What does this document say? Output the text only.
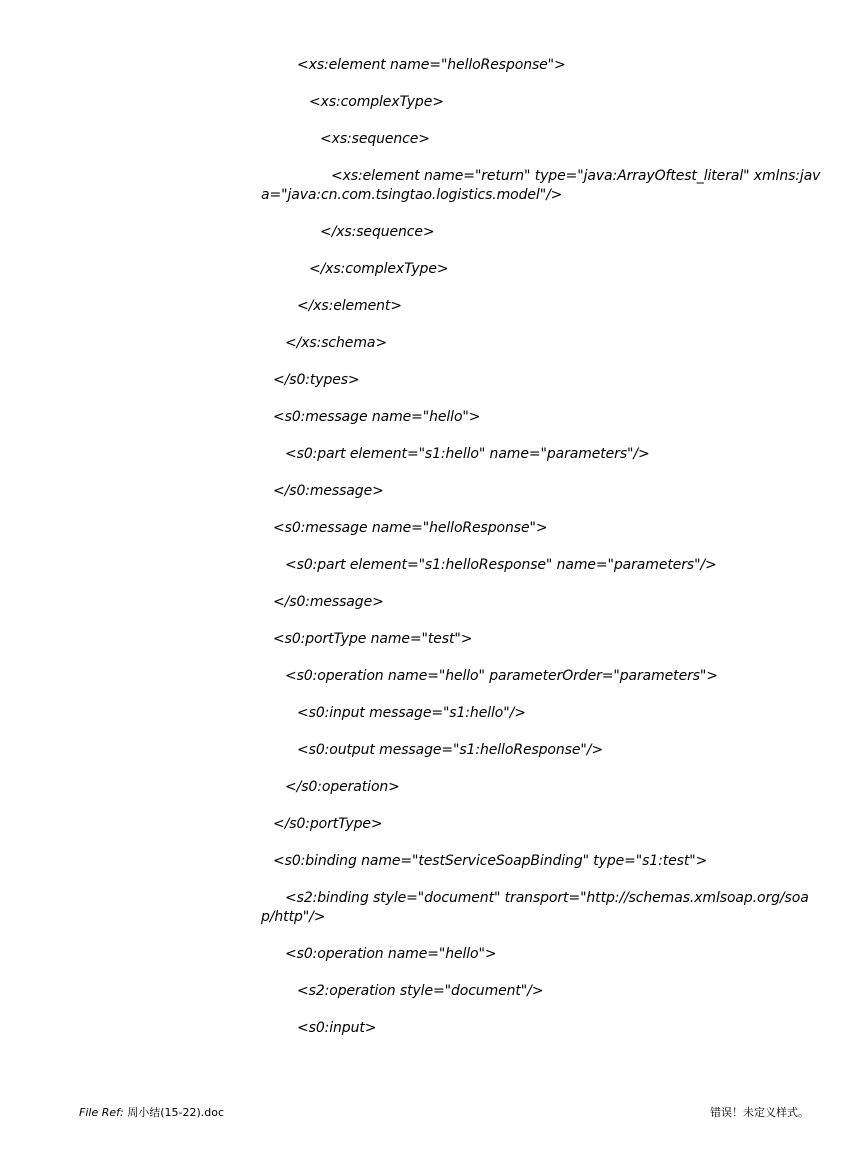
<xs:element name="helloResponse">

<xs:complexType>

<xs:sequence>

<xs:element name="return" type="java:ArrayOftest_literal" xmlns:java="java:cn.com.tsingtao.logistics.model"/>

</xs:sequence>

</xs:complexType>

</xs:element>

</xs:schema>

</s0:types>

<s0:message name="hello">

<s0:part element="s1:hello" name="parameters"/>

</s0:message>

<s0:message name="helloResponse">

<s0:part element="s1:helloResponse" name="parameters"/>

</s0:message>

<s0:portType name="test">

<s0:operation name="hello" parameterOrder="parameters">

<s0:input message="s1:hello"/>

<s0:output message="s1:helloResponse"/>

</s0:operation>

</s0:portType>

<s0:binding name="testServiceSoapBinding" type="s1:test">

<s2:binding style="document" transport="http://schemas.xmlsoap.org/soap/http"/>

<s0:operation name="hello">

<s2:operation style="document"/>

<s0:input>

File Ref: 周小结(15-22).doc	错误！未定义样式。
